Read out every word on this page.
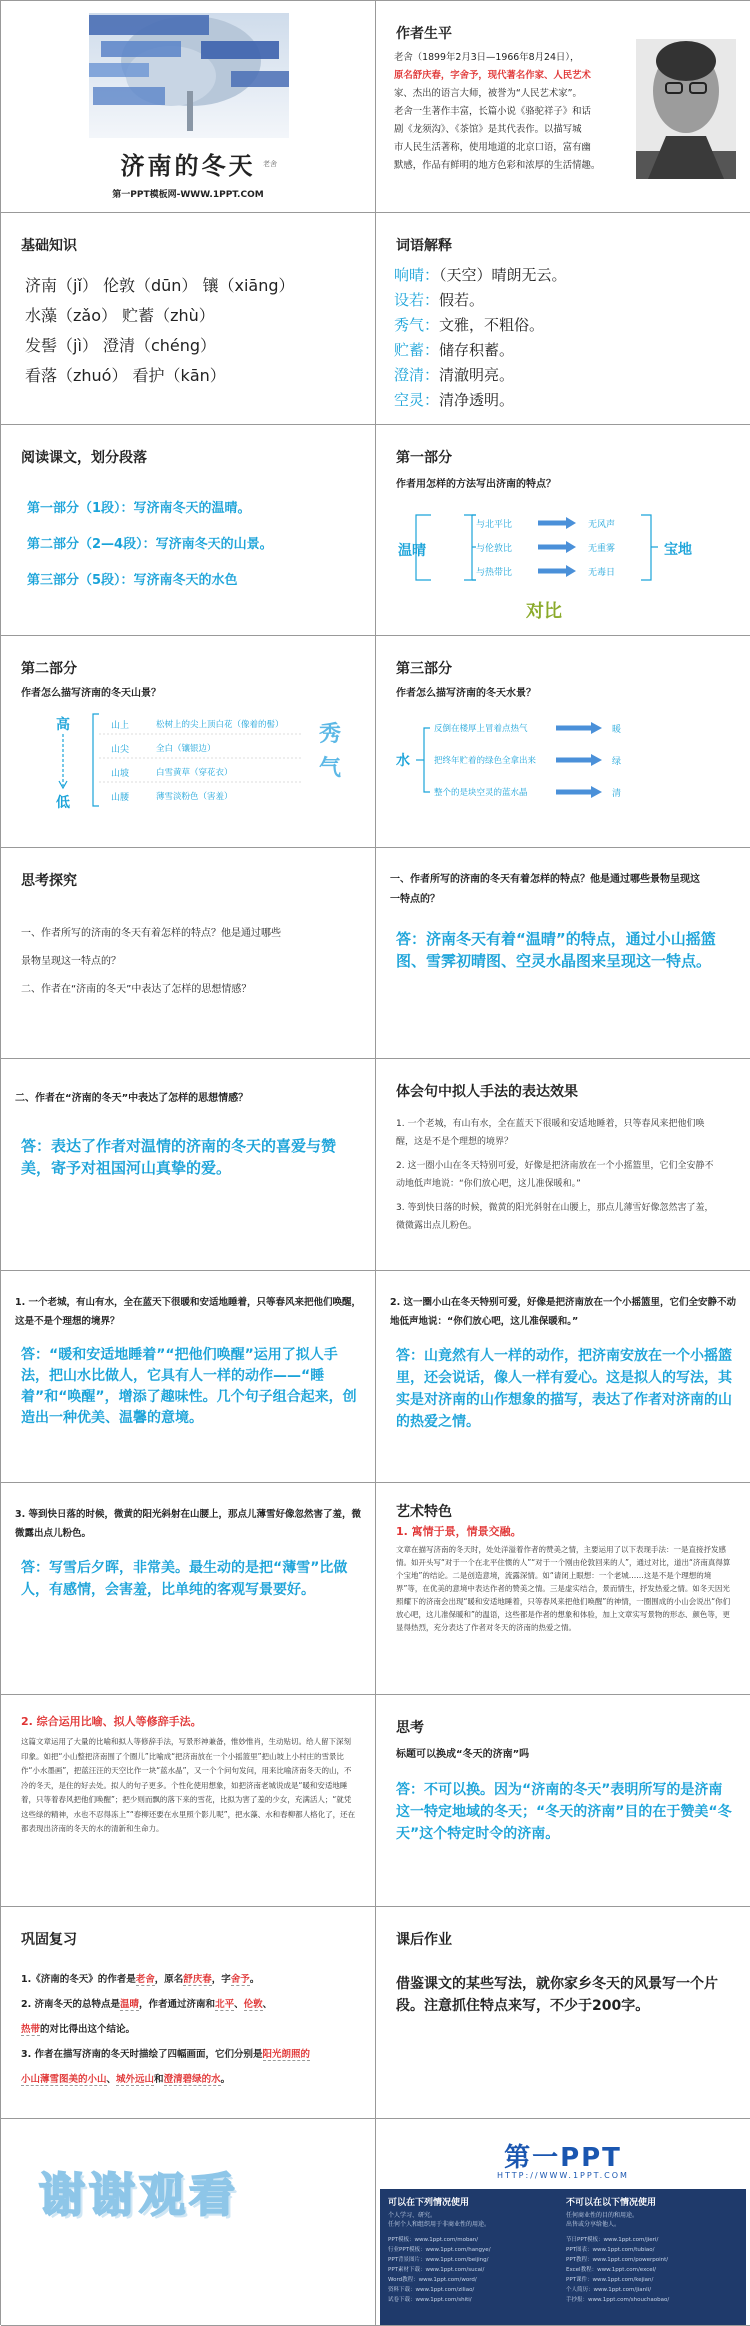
济南的冬天	老舍
第一PPT模板网-WWW.1PPT.COM
作者生平
老舍（1899年2月3日—1966年8月24日），
原名舒庆春，字舍予，现代著名作家、人民艺术
家、杰出的语言大师，被誉为“人民艺术家”。
老舍一生著作丰富，长篇小说《骆驼祥子》和话
剧《龙须沟》、《茶馆》是其代表作。以描写城
市人民生活著称，使用地道的北京口语，富有幽
默感，作品有鲜明的地方色彩和浓厚的生活情趣。
基础知识
济南（jǐ） 伦敦（dūn） 镶（xiāng）
水藻（zǎo） 贮蓄（zhù）
发髻（jì） 澄清（chéng）
看落（zhuó） 看护（kān）
词语解释
响晴：（天空）晴朗无云。
设若：假若。
秀气：文雅，不粗俗。
贮蓄：储存积蓄。
澄清：清澈明亮。
空灵：清净透明。
阅读课文，划分段落
第一部分（1段）：写济南冬天的温晴。
第二部分（2—4段）：写济南冬天的山景。
第三部分（5段）：写济南冬天的水色
第一部分
作者用怎样的方法写出济南的特点？
温晴
与北平比
与伦敦比
与热带比
无风声
无重雾
无毒日
宝地
对比
第二部分
作者怎么描写济南的冬天山景？
高
低
山上
山尖
山坡
山腰
松树上的尖上顶白花（像着的髻）
全白（镶银边）
白雪黄草（穿花衣）
薄雪淡粉色（害羞）
秀气
第三部分
作者怎么描写济南的冬天水景？
水
反倒在楼厚上冒着点热气
把终年贮着的绿色全拿出来
整个的是块空灵的蓝水晶
暖
绿
清
思考探究
一、作者所写的济南的冬天有着怎样的特点？他是通过哪些
景物呈现这一特点的？
二、作者在“济南的冬天”中表达了怎样的思想情感？
一、作者所写的济南的冬天有着怎样的特点？他是通过哪些景物呈现这
一特点的？
答：济南冬天有着“温晴”的特点，通过小山摇篮图、雪霁初晴图、空灵水晶图来呈现这一特点。
二、作者在“济南的冬天”中表达了怎样的思想情感？
答：表达了作者对温情的济南的冬天的喜爱与赞美，寄予对祖国河山真挚的爱。
体会句中拟人手法的表达效果
1. 一个老城，有山有水，全在蓝天下很暖和安适地睡着，只等春风来把他们唤醒，这是不是个理想的境界？
2. 这一圈小山在冬天特别可爱，好像是把济南放在一个小摇篮里，它们全安静不动地低声地说：“你们放心吧，这儿准保暖和。”
3. 等到快日落的时候，微黄的阳光斜射在山腰上，那点儿薄雪好像忽然害了羞，微微露出点儿粉色。
1. 一个老城，有山有水，全在蓝天下很暖和安适地睡着，只等春风来把他们唤醒，这是不是个理想的境界？
答：“暖和安适地睡着”“把他们唤醒”运用了拟人手法，把山水比做人，它具有人一样的动作——“睡着”和“唤醒”，增添了趣味性。几个句子组合起来，创造出一种优美、温馨的意境。
2. 这一圈小山在冬天特别可爱，好像是把济南放在一个小摇篮里，它们全安静不动地低声地说：“你们放心吧，这儿准保暖和。”
答：山竟然有人一样的动作，把济南安放在一个小摇篮里，还会说话，像人一样有爱心。这是拟人的写法，其实是对济南的山作想象的描写，表达了作者对济南的山的热爱之情。
3. 等到快日落的时候，微黄的阳光斜射在山腰上，那点儿薄雪好像忽然害了羞，微微露出点儿粉色。
答：写雪后夕晖，非常美。最生动的是把“薄雪”比做人，有感情，会害羞，比单纯的客观写景要好。
艺术特色
1. 寓情于景，情景交融。
文章在描写济南的冬天时，处处洋溢着作者的赞美之情，主要运用了以下表现手法：一是直接抒发感情。如开头写“对于一个在北平住惯的人”“对于一个刚由伦敦回来的人”，通过对比，道出“济南真得算个宝地”的结论。二是创造意境，流露深情。如“请闭上眼想：一个老城……这是不是个理想的境界”等，在优美的意境中表达作者的赞美之情。三是虚实结合，景而情生，抒发热爱之情。如冬天因光照耀下的济南会出现“暖和安适地睡着，只等春风来把他们唤醒”的神情，一圈围成的小山会说出“你们放心吧，这儿准保暖和”的温语，这些都是作者的想象和体验，加上文章实写景物的形态、颜色等，更显得热烈，充分表达了作者对冬天的济南的热爱之情。
2. 综合运用比喻、拟人等修辞手法。
这篇文章运用了大量的比喻和拟人等修辞手法，写景形神兼备，惟妙惟肖，生动贴切。给人留下深刻印象。如把“小山整把济南围了个圈儿”比喻成“把济南放在一个小摇篮里”把山坡上小村庄的雪景比作“小水墨画”，把蓝汪汪的天空比作一块“蓝水晶”，又一个个问句发问，用来比喻济南冬天的山，不冷的冬天，是住的好去处。拟人的句子更多。个性化使用想象，如把济南老城说成是“暖和安适地睡着，只等着春风把他们唤醒”；把少则而飘的落下来的雪花，比拟为害了羞的少女，充满活人；“就凭这些绿的精神，水也不忍得冻上”“春柳还要在水里照个影儿呢”，把水藻、水和春柳都人格化了，还在都表现出济南的冬天的水的清新和生命力。
思考
标题可以换成“冬天的济南”吗
答：不可以换。因为“济南的冬天”表明所写的是济南这一特定地域的冬天；“冬天的济南”目的在于赞美“冬天”这个特定时令的济南。
巩固复习
1.《济南的冬天》的作者是老舍，原名舒庆春，字舍予。
2. 济南冬天的总特点是温晴，作者通过济南和北平、伦敦、
热带的对比得出这个结论。
3. 作者在描写济南的冬天时描绘了四幅画面，它们分别是阳光朗照的
小山薄雪图美的小山、城外远山和澄清碧绿的水。
课后作业
借鉴课文的某些写法，就你家乡冬天的风景写一个片段。注意抓住特点来写，不少于200字。
谢谢观看
第一PPT
HTTP://WWW.1PPT.COM
可以在下列情况使用	不可以在以下情况使用
个人学习、研究。
任何个人和组织用于非商业性的用途。
任何商业性的目的和用途。
出售或分享给他人。
PPT模板：www.1ppt.com/moban/
行业PPT模板：www.1ppt.com/hangye/
PPT背景图片：www.1ppt.com/beijing/
PPT素材下载：www.1ppt.com/sucai/
Word教程：www.1ppt.com/word/
资料下载：www.1ppt.com/ziliao/
试卷下载：www.1ppt.com/shiti/
节日PPT模板：www.1ppt.com/jieri/
PPT图表：www.1ppt.com/tubiao/
PPT教程：www.1ppt.com/powerpoint/
Excel教程：www.1ppt.com/excel/
PPT课件：www.1ppt.com/kejian/
个人简历：www.1ppt.com/jianli/
手抄报：www.1ppt.com/shouchaobao/
